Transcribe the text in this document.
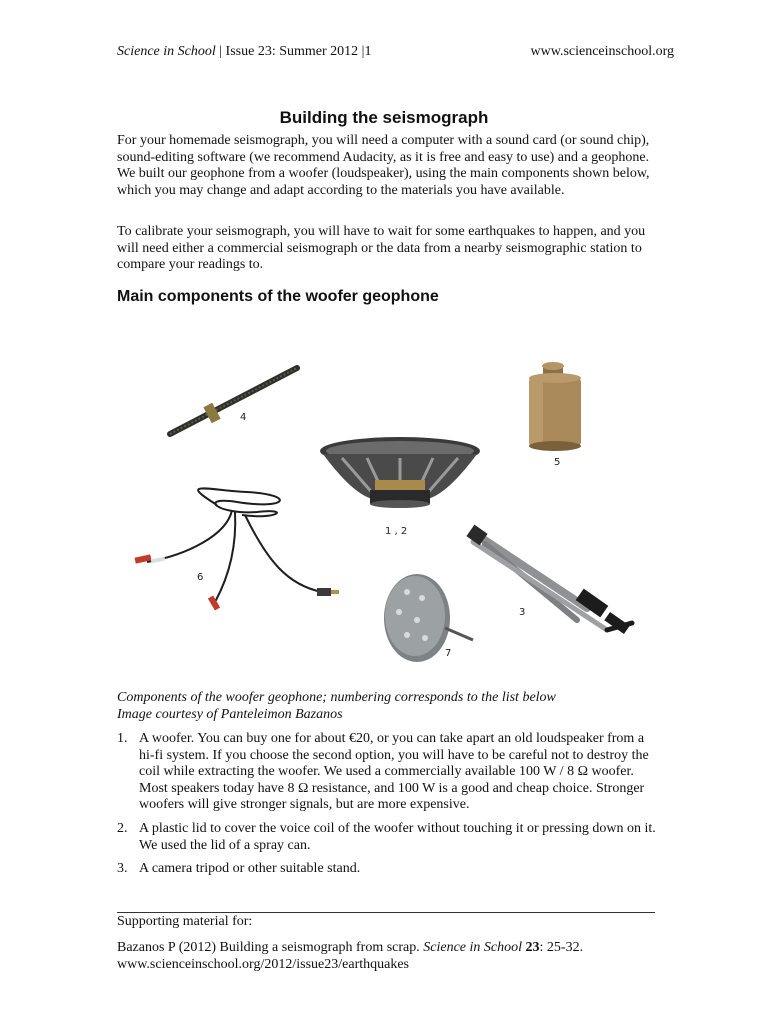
Science in School | Issue 23: Summer 2012 |1	www.scienceinschool.org
Building the seismograph

For your homemade seismograph, you will need a computer with a sound card (or sound chip), sound-editing software (we recommend Audacity, as it is free and easy to use) and a geophone. We built our geophone from a woofer (loudspeaker), using the main components shown below, which you may change and adapt according to the materials you have available.

To calibrate your seismograph, you will have to wait for some earthquakes to happen, and you will need either a commercial seismograph or the data from a nearby seismographic station to compare your readings to.

Main components of the woofer geophone
4
1 , 2
5
6
3
7
Components of the woofer geophone; numbering corresponds to the list below
Image courtesy of Panteleimon Bazanos
1. A woofer. You can buy one for about €20, or you can take apart an old loudspeaker from a hi-fi system. If you choose the second option, you will have to be careful not to destroy the coil while extracting the woofer. We used a commercially available 100 W / 8 Ω woofer. Most speakers today have 8 Ω resistance, and 100 W is a good and cheap choice. Stronger woofers will give stronger signals, but are more expensive.
2. A plastic lid to cover the voice coil of the woofer without touching it or pressing down on it. We used the lid of a spray can.
3. A camera tripod or other suitable stand.
Supporting material for:
Bazanos P (2012) Building a seismograph from scrap. Science in School 23: 25-32.
www.scienceinschool.org/2012/issue23/earthquakes
